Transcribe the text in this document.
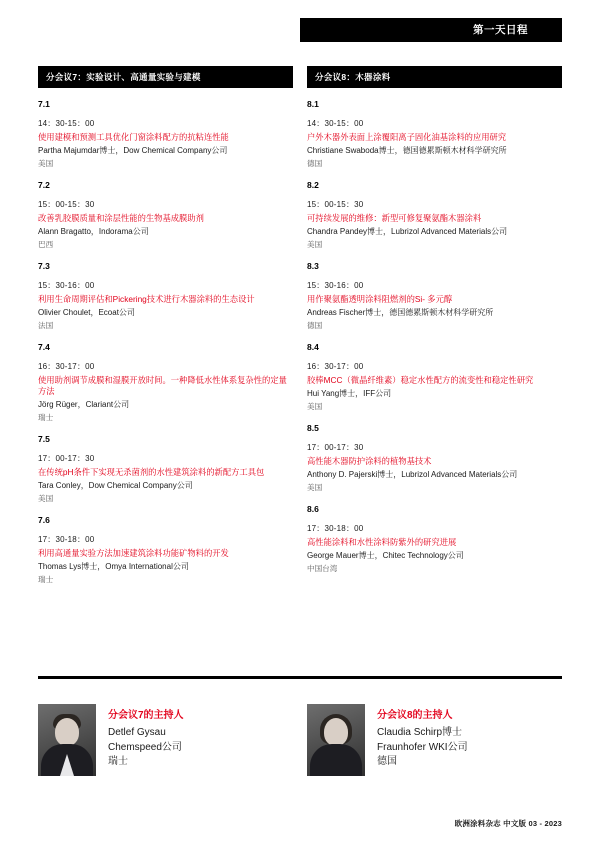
第一天日程 41
分会议7：实验设计、高通量实验与建模
7.1
14：30-15：00
使用建模和预测工具优化门窗涂料配方的抗粘连性能
Partha Majumdar博士，Dow Chemical Company公司
美国
7.2
15：00-15：30
改善乳胶膜质量和涂层性能的生物基成膜助剂
Alann Bragatto，Indorama公司
巴西
7.3
15：30-16：00
利用生命周期评估和Pickering技术进行木器涂料的生态设计
Olivier Choulet，Ecoat公司
法国
7.4
16：30-17：00
使用助剂调节成膜和湿膜开放时间。一种降低水性体系复杂性的定量方法
Jörg Rüger，Clariant公司
瑞士
7.5
17：00-17：30
在传统pH条件下实现无杀菌剂的水性建筑涂料的新配方工具包
Tara Conley，Dow Chemical Company公司
美国
7.6
17：30-18：00
利用高通量实验方法加速建筑涂料功能矿物料的开发
Thomas Lys博士，Omya International公司
瑞士
分会议8：木器涂料
8.1
14：30-15：00
户外木器外表面上涂覆阳离子固化油基涂料的应用研究
Christiane Swaboda博士，德国德累斯顿木材科学研究所
德国
8.2
15：00-15：30
可持续发展的维修：新型可修复聚氨酯木器涂料
Chandra Pandey博士，Lubrizol Advanced Materials公司
美国
8.3
15：30-16：00
用作聚氨酯透明涂料阻燃剂的Si- 多元醇
Andreas Fischer博士，德国德累斯顿木材科学研究所
德国
8.4
16：30-17：00
胶棒MCC（微晶纤维素）稳定水性配方的流变性和稳定性研究
Hui Yang博士，IFF公司
美国
8.5
17：00-17：30
高性能木器防护涂料的植物基技术
Anthony D. Pajerski博士，Lubrizol Advanced Materials公司
美国
8.6
17：30-18：00
高性能涂料和水性涂料防紫外的研究进展
George Mauer博士，Chitec Technology公司
中国台湾
分会议7的主持人
Detlef Gysau
Chemspeed公司
瑞士
分会议8的主持人
Claudia Schirp博士
Fraunhofer WKI公司
德国
欧洲涂料杂志 中文版 03 - 2023
